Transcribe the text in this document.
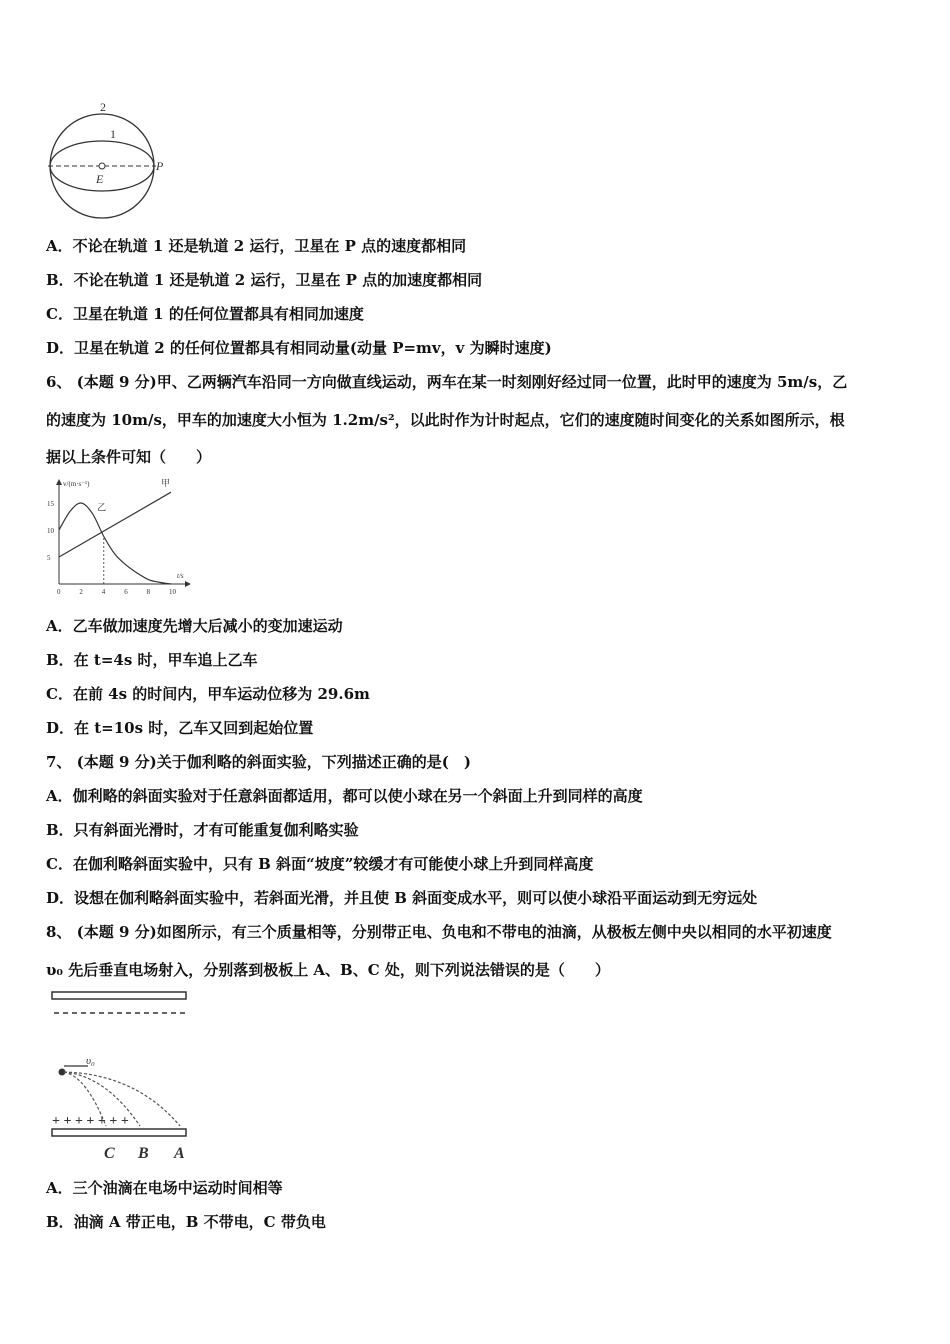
2
1
P
E
A．不论在轨道 1 还是轨道 2 运行，卫星在 P 点的速度都相同
B．不论在轨道 1 还是轨道 2 运行，卫星在 P 点的加速度都相同
C．卫星在轨道 1 的任何位置都具有相同加速度
D．卫星在轨道 2 的任何位置都具有相同动量(动量 P=mv，v 为瞬时速度)
6、 (本题 9 分)甲、乙两辆汽车沿同一方向做直线运动，两车在某一时刻刚好经过同一位置，此时甲的速度为 5m/s，乙
的速度为 10m/s，甲车的加速度大小恒为 1.2m/s²，以此时作为计时起点，它们的速度随时间变化的关系如图所示，根
据以上条件可知（　　）
v/(m·s⁻¹)
t/s
0	2	4	6	8	10
5
10
15
甲
乙
A．乙车做加速度先增大后减小的变加速运动
B．在 t=4s 时，甲车追上乙车
C．在前 4s 的时间内，甲车运动位移为 29.6m
D．在 t=10s 时，乙车又回到起始位置
7、 (本题 9 分)关于伽利略的斜面实验，下列描述正确的是(　)
A．伽利略的斜面实验对于任意斜面都适用，都可以使小球在另一个斜面上升到同样的高度
B．只有斜面光滑时，才有可能重复伽利略实验
C．在伽利略斜面实验中，只有 B 斜面“坡度”较缓才有可能使小球上升到同样高度
D．设想在伽利略斜面实验中，若斜面光滑，并且使 B 斜面变成水平，则可以使小球沿平面运动到无穷远处
8、 (本题 9 分)如图所示，有三个质量相等，分别带正电、负电和不带电的油滴，从极板左侧中央以相同的水平初速度
υ₀ 先后垂直电场射入，分别落到极板上 A、B、C 处，则下列说法错误的是（　　）
υ₀
+ + + + + + +
C B A
A．三个油滴在电场中运动时间相等
B．油滴 A 带正电，B 不带电，C 带负电
